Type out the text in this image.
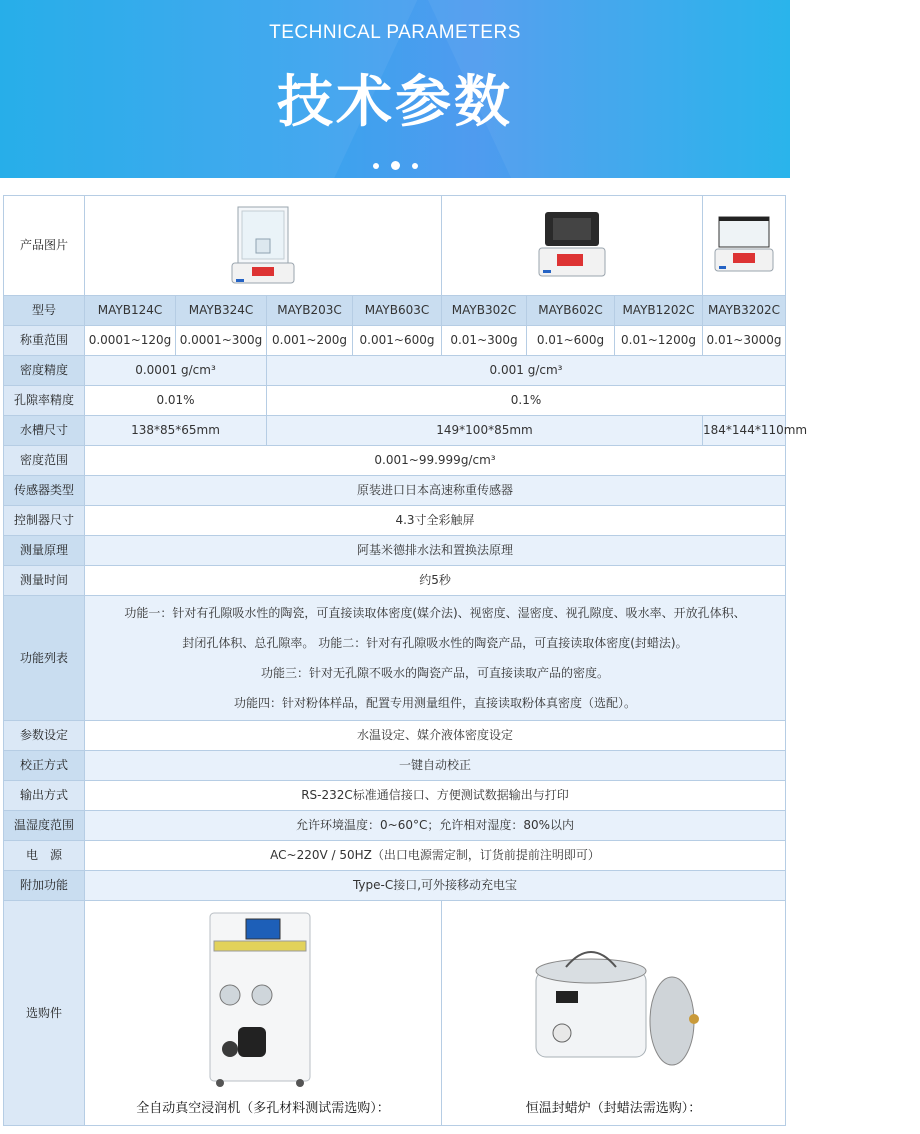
TECHNICAL PARAMETERS
技术参数
产品图片	

型号	MAYB124C	MAYB324C	MAYB203C	MAYB603C	MAYB302C	MAYB602C	MAYB1202C	MAYB3202C
称重范围	0.0001~120g	0.0001~300g	0.001~200g	0.001~600g	0.01~300g	0.01~600g	0.01~1200g	0.01~3000g
密度精度	0.0001 g/cm³		0.001 g/cm³					
孔隙率精度	0.01%		0.1%					
水槽尺寸	138*85*65mm		149*100*85mm					184*144*110mm
密度范围	0.001~99.999g/cm³							
传感器类型	原装进口日本高速称重传感器							
控制器尺寸	4.3寸全彩触屏							
测量原理	阿基米德排水法和置换法原理							
测量时间	约5秒							
功能列表	功能一：针对有孔隙吸水性的陶瓷，可直接读取体密度(媒介法)、视密度、湿密度、视孔隙度、吸水率、开放孔体积、
封闭孔体积、总孔隙率。 功能二：针对有孔隙吸水性的陶瓷产品，可直接读取体密度(封蜡法)。
功能三：针对无孔隙不吸水的陶瓷产品，可直接读取产品的密度。
功能四：针对粉体样品，配置专用测量组件，直接读取粉体真密度（选配）。							

参数设定	水温设定、媒介液体密度设定							
校正方式	一键自动校正							
输出方式	RS-232C标准通信接口、方便测试数据输出与打印							
温湿度范围	允许环境温度：0~60°C；允许相对湿度：80%以内							
电　源	AC~220V / 50HZ（出口电源需定制，订货前提前注明即可）							
附加功能	Type-C接口,可外接移动充电宝							
选购件	全自动真空浸润机（多孔材料测试需选购）：				恒温封蜡炉（封蜡法需选购）：			
